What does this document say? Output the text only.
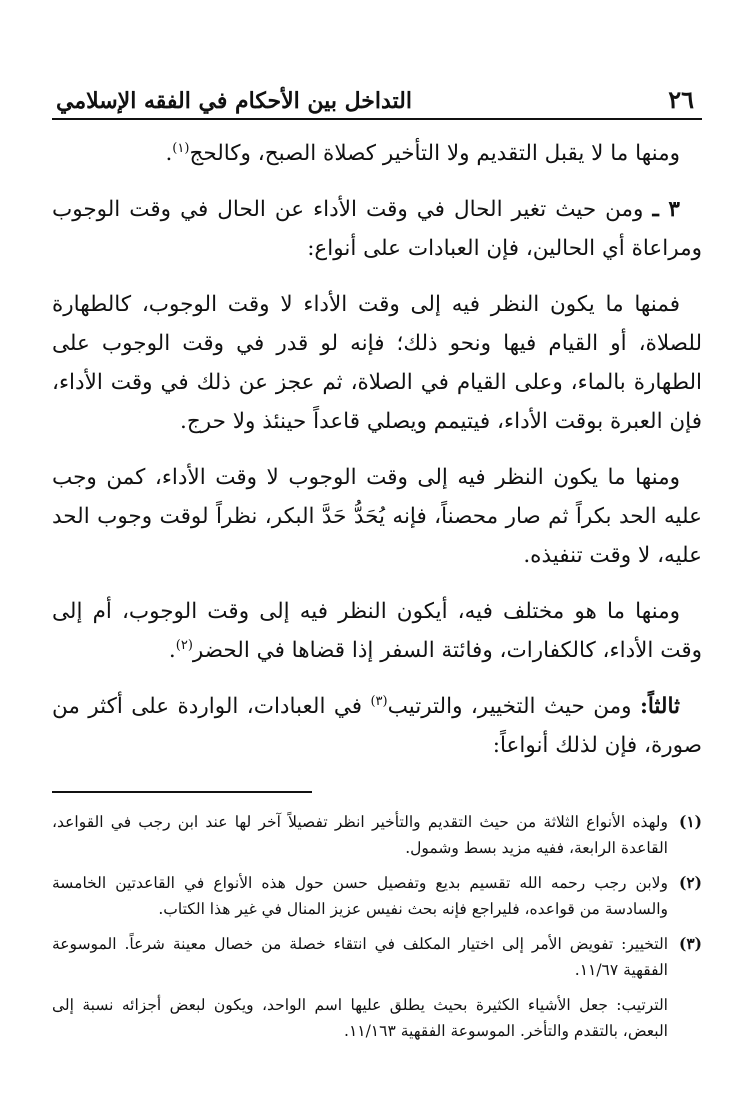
٢٦
التداخل بين الأحكام في الفقه الإسلامي

ومنها ما لا يقبل التقديم ولا التأخير كصلاة الصبح، وكالحج$^{(١)}$.

٣ ـ ومن حيث تغير الحال في وقت الأداء عن الحال في وقت الوجوب ومراعاة أي الحالين، فإن العبادات على أنواع:

فمنها ما يكون النظر فيه إلى وقت الأداء لا وقت الوجوب، كالطهارة للصلاة، أو القيام فيها ونحو ذلك؛ فإنه لو قدر في وقت الوجوب على الطهارة بالماء، وعلى القيام في الصلاة، ثم عجز عن ذلك في وقت الأداء، فإن العبرة بوقت الأداء، فيتيمم ويصلي قاعداً حينئذ ولا حرج.

ومنها ما يكون النظر فيه إلى وقت الوجوب لا وقت الأداء، كمن وجب عليه الحد بكراً ثم صار محصناً، فإنه يُحَدُّ حَدَّ البكر، نظراً لوقت وجوب الحد عليه، لا وقت تنفيذه.

ومنها ما هو مختلف فيه، أيكون النظر فيه إلى وقت الوجوب، أم إلى وقت الأداء، كالكفارات، وفائتة السفر إذا قضاها في الحضر$^{(٢)}$.

ثالثاً: ومن حيث التخيير، والترتيب$^{(٣)}$ في العبادات، الواردة على أكثر من صورة، فإن لذلك أنواعاً:

(١)
ولهذه الأنواع الثلاثة من حيث التقديم والتأخير انظر تفصيلاً آخر لها عند ابن رجب في القواعد، القاعدة الرابعة، ففيه مزيد بسط وشمول.
(٢)
ولابن رجب رحمه الله تقسيم بديع وتفصيل حسن حول هذه الأنواع في القاعدتين الخامسة والسادسة من قواعده، فليراجع فإنه بحث نفيس عزيز المنال في غير هذا الكتاب.
(٣)
التخيير: تفويض الأمر إلى اختيار المكلف في انتقاء خصلة من خصال معينة شرعاً. الموسوعة الفقهية ١١/٦٧.
الترتيب: جعل الأشياء الكثيرة بحيث يطلق عليها اسم الواحد، ويكون لبعض أجزائه نسبة إلى البعض، بالتقدم والتأخر. الموسوعة الفقهية ١١/١٦٣.
